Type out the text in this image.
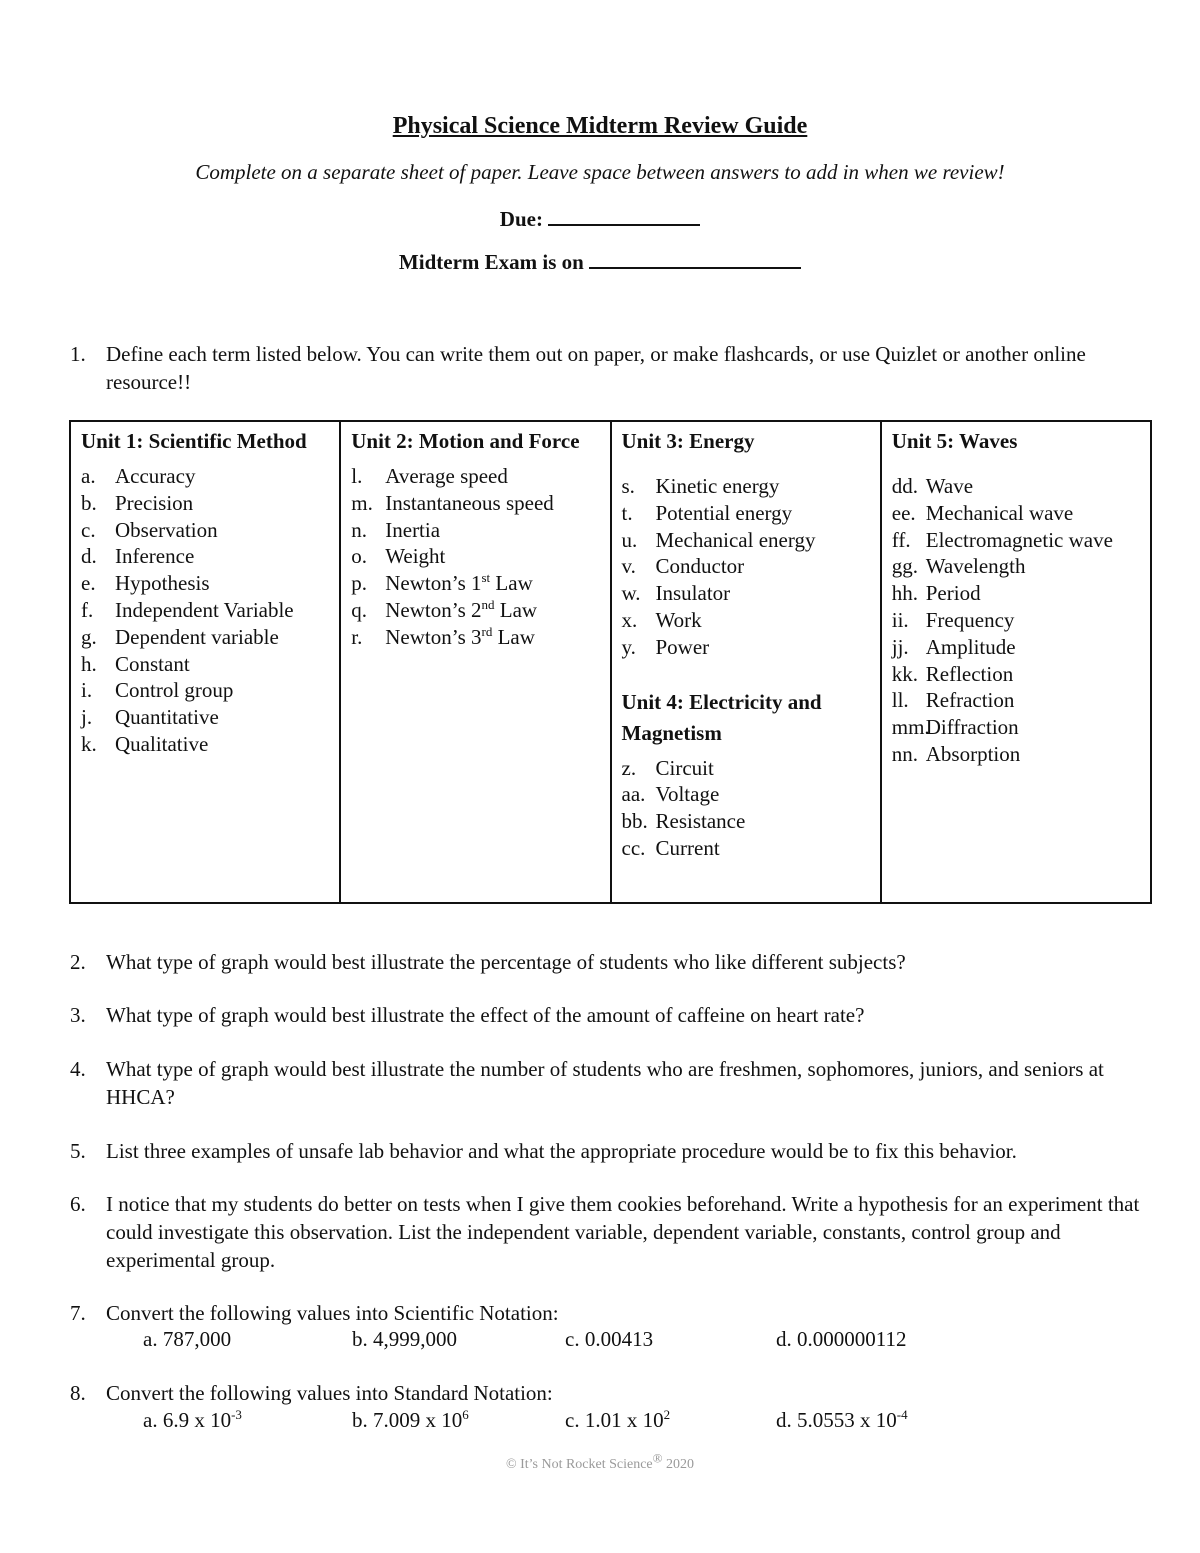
Physical Science Midterm Review Guide
Complete on a separate sheet of paper. Leave space between answers to add in when we review!
Due:
Midterm Exam is on
1. Define each term listed below. You can write them out on paper, or make flashcards, or use Quizlet or another online resource!!
Unit 1: Scientific Method
a. Accuracy
b. Precision
c. Observation
d. Inference
e. Hypothesis
f. Independent Variable
g. Dependent variable
h. Constant
i. Control group
j. Quantitative
k. Qualitative

Unit 2: Motion and Force
l. Average speed
m. Instantaneous speed
n. Inertia
o. Weight
p. Newton’s 1st Law
q. Newton’s 2nd Law
r. Newton’s 3rd Law

Unit 3: Energy
s. Kinetic energy
t. Potential energy
u. Mechanical energy
v. Conductor
w. Insulator
x. Work
y. Power
Unit 4: Electricity and Magnetism
z. Circuit
aa. Voltage
bb. Resistance
cc. Current

Unit 5: Waves
dd. Wave
ee. Mechanical wave
ff. Electromagnetic wave
gg. Wavelength
hh. Period
ii. Frequency
jj. Amplitude
kk. Reflection
ll. Refraction
mm.Diffraction
nn. Absorption
2. What type of graph would best illustrate the percentage of students who like different subjects?
3. What type of graph would best illustrate the effect of the amount of caffeine on heart rate?
4. What type of graph would best illustrate the number of students who are freshmen, sophomores, juniors, and seniors at HHCA?
5. List three examples of unsafe lab behavior and what the appropriate procedure would be to fix this behavior.
6. I notice that my students do better on tests when I give them cookies beforehand. Write a hypothesis for an experiment that could investigate this observation. List the independent variable, dependent variable, constants, control group and experimental group.
7. Convert the following values into Scientific Notation:
a. 787,000	b. 4,999,000	c. 0.00413	d. 0.000000112
8. Convert the following values into Standard Notation:
a. 6.9 x $10^{-3}$	b. 7.009 x $10^6$	c. 1.01 x $10^2$	d. 5.0553 x $10^{-4}$
© It’s Not Rocket Science® 2020
